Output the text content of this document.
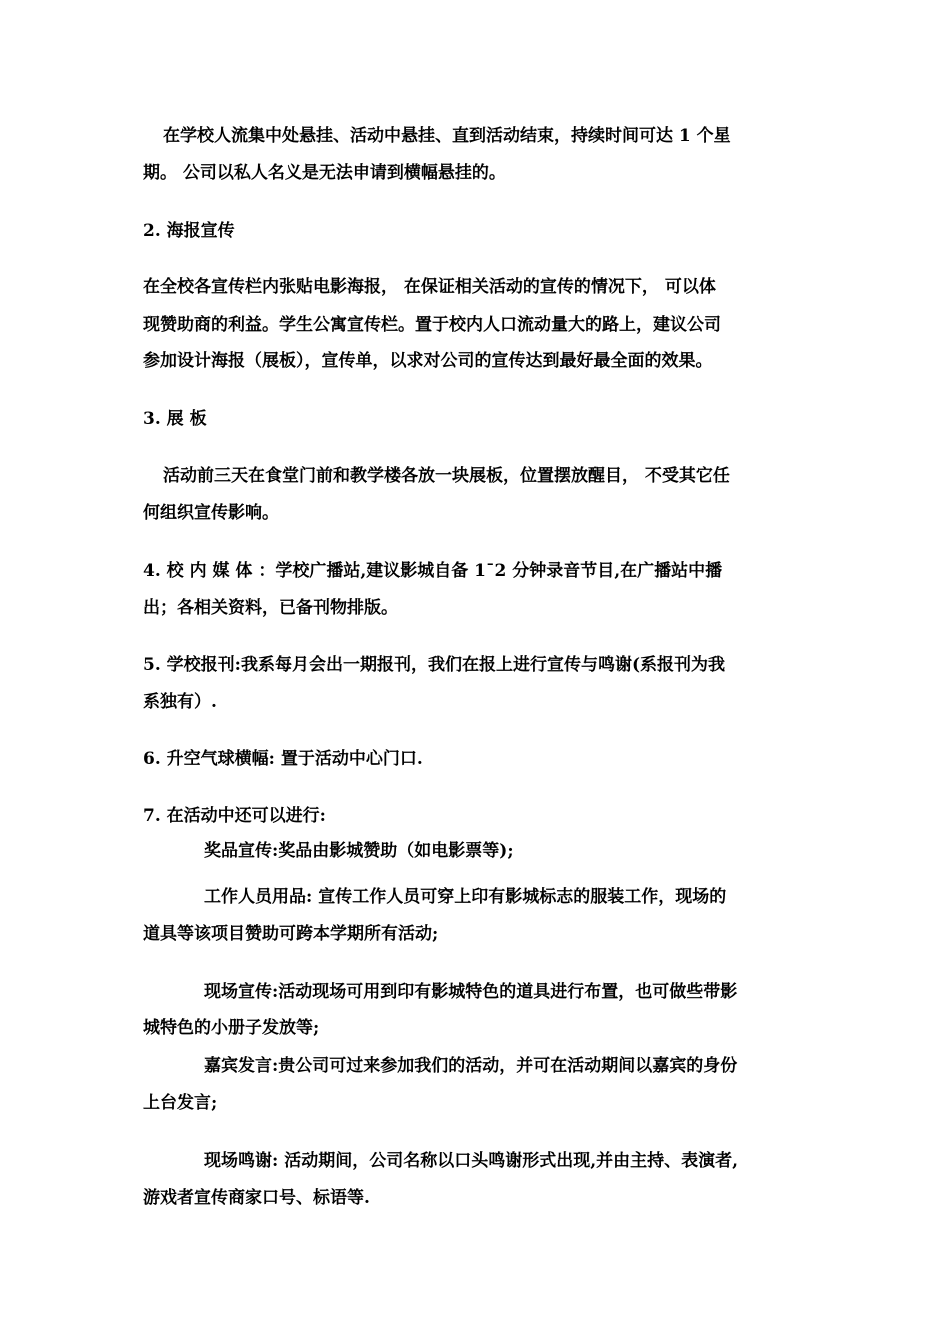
在学校人流集中处悬挂、活动中悬挂、直到活动结束，持续时间可达 1 个星
期。 公司以私人名义是无法申请到横幅悬挂的。
2. 海报宣传
在全校各宣传栏内张贴电影海报， 在保证相关活动的宣传的情况下， 可以体
现赞助商的利益。学生公寓宣传栏。置于校内人口流动量大的路上，建议公司
参加设计海报（展板），宣传单，以求对公司的宣传达到最好最全面的效果。
3. 展 板
活动前三天在食堂门前和教学楼各放一块展板，位置摆放醒目， 不受其它任
何组织宣传影响。
4. 校 内 媒 体 ：学校广播站,建议影城自备 1¯2 分钟录音节目,在广播站中播
出；各相关资料，已备刊物排版。
5. 学校报刊:我系每月会出一期报刊，我们在报上进行宣传与鸣谢(系报刊为我
系独有）.
6. 升空气球横幅: 置于活动中心门口.
7. 在活动中还可以进行:
奖品宣传:奖品由影城赞助（如电影票等);
工作人员用品: 宣传工作人员可穿上印有影城标志的服装工作，现场的
道具等该项目赞助可跨本学期所有活动;
现场宣传:活动现场可用到印有影城特色的道具进行布置，也可做些带影
城特色的小册子发放等;
嘉宾发言:贵公司可过来参加我们的活动，并可在活动期间以嘉宾的身份
上台发言;
现场鸣谢: 活动期间，公司名称以口头鸣谢形式出现,并由主持、表演者,
游戏者宣传商家口号、标语等.
